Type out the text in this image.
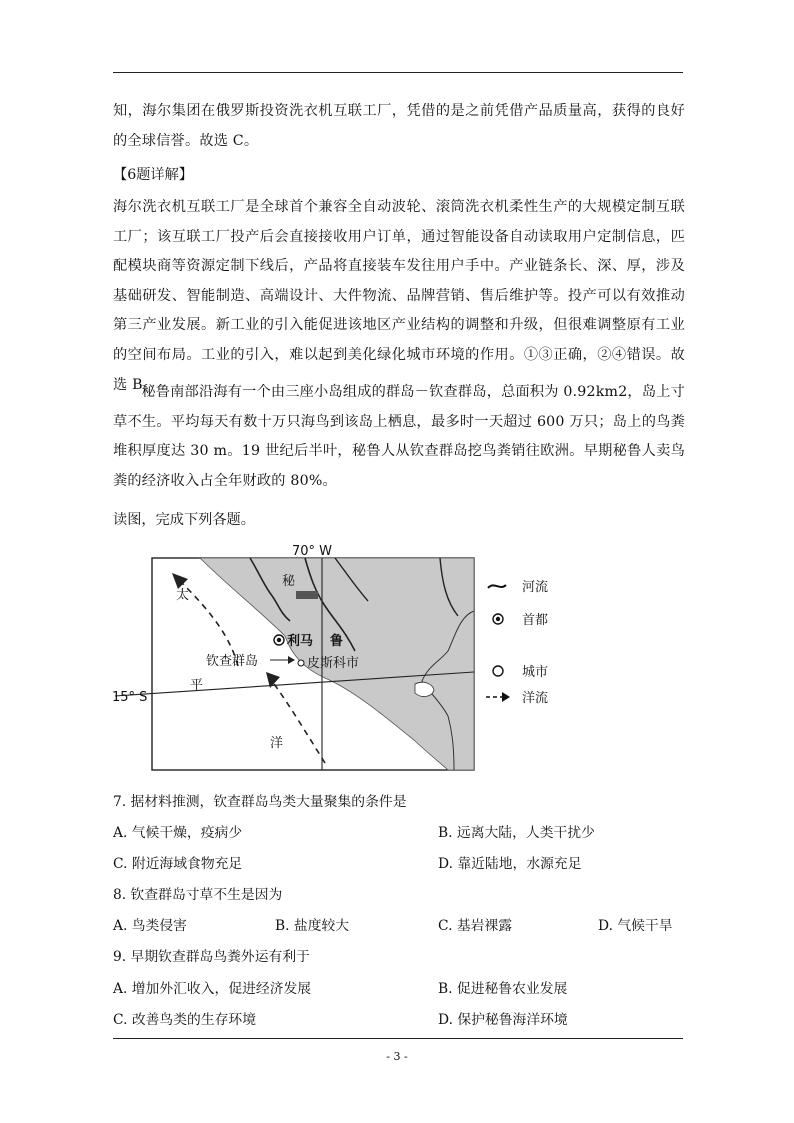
知，海尔集团在俄罗斯投资洗衣机互联工厂，凭借的是之前凭借产品质量高，获得的良好的全球信誉。故选 C。

【6题详解】

海尔洗衣机互联工厂是全球首个兼容全自动波轮、滚筒洗衣机柔性生产的大规模定制互联工厂；该互联工厂投产后会直接接收用户订单，通过智能设备自动读取用户定制信息，匹配模块商等资源定制下线后，产品将直接装车发往用户手中。产业链条长、深、厚，涉及基础研发、智能制造、高端设计、大件物流、品牌营销、售后维护等。投产可以有效推动第三产业发展。新工业的引入能促进该地区产业结构的调整和升级，但很难调整原有工业的空间布局。工业的引入，难以起到美化绿化城市环境的作用。①③正确，②④错误。故选 B。

秘鲁南部沿海有一个由三座小岛组成的群岛－钦查群岛，总面积为 0.92km2，岛上寸草不生。平均每天有数十万只海鸟到该岛上栖息，最多时一天超过 600 万只；岛上的鸟粪堆积厚度达 30 m。19 世纪后半叶，秘鲁人从钦查群岛挖鸟粪销往欧洲。早期秘鲁人卖鸟粪的经济收入占全年财政的 80%。

读图，完成下列各题。
70° W
15° S
秘
利马 鲁
皮斯科市
钦查群岛
太
平
洋
河流
首都
城市
洋流
7. 据材料推测，钦查群岛鸟类大量聚集的条件是
A. 气候干燥，疫病少	B. 远离大陆，人类干扰少
C. 附近海域食物充足	D. 靠近陆地，水源充足
8. 钦查群岛寸草不生是因为
A. 鸟类侵害	B. 盐度较大	C. 基岩裸露	D. 气候干旱
9. 早期钦查群岛鸟粪外运有利于
A. 增加外汇收入，促进经济发展	B. 促进秘鲁农业发展
C. 改善鸟类的生存环境	D. 保护秘鲁海洋环境
- 3 -
